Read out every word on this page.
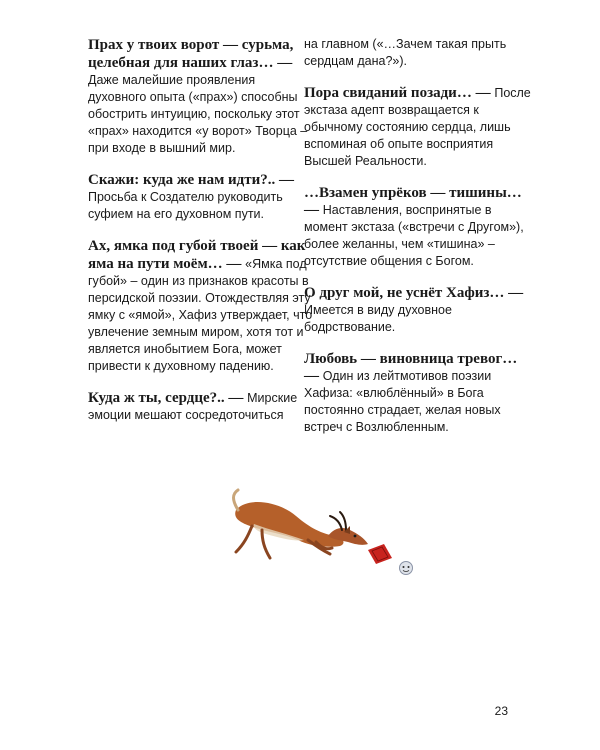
Прах у твоих ворот — сурьма, целебная для наших глаз… — Даже малейшие проявления духовного опыта («прах») способны обострить интуицию, поскольку этот «прах» находится «у ворот» Творца – при входе в вышний мир.

Скажи: куда же нам идти?.. — Просьба к Создателю руководить суфием на его духовном пути.

Ах, ямка под губой твоей — как яма на пути моём… — «Ямка под губой» – один из признаков красоты в персидской поэзии. Отождествляя эту ямку с «ямой», Хафиз утверждает, что увлечение земным миром, хотя тот и является инобытием Бога, может привести к духовному падению.

Куда ж ты, сердце?.. — Мирские эмоции мешают сосредоточиться

на главном («…Зачем такая прыть сердцам дана?»).

Пора свиданий позади… — После экстаза адепт возвращается к обычному состоянию сердца, лишь вспоминая об опыте восприятия Высшей Реальности.

…Взамен упрёков — тишины… — Наставления, воспринятые в момент экстаза («встречи с Другом»), более желанны, чем «тишина» – отсутствие общения с Богом.

О друг мой, не уснёт Хафиз… — Имеется в виду духовное бодрствование.

Любовь — виновница тревог… — Один из лейтмотивов поэзии Хафиза: «влюблённый» в Бога постоянно страдает, желая новых встреч с Возлюбленным.

23
